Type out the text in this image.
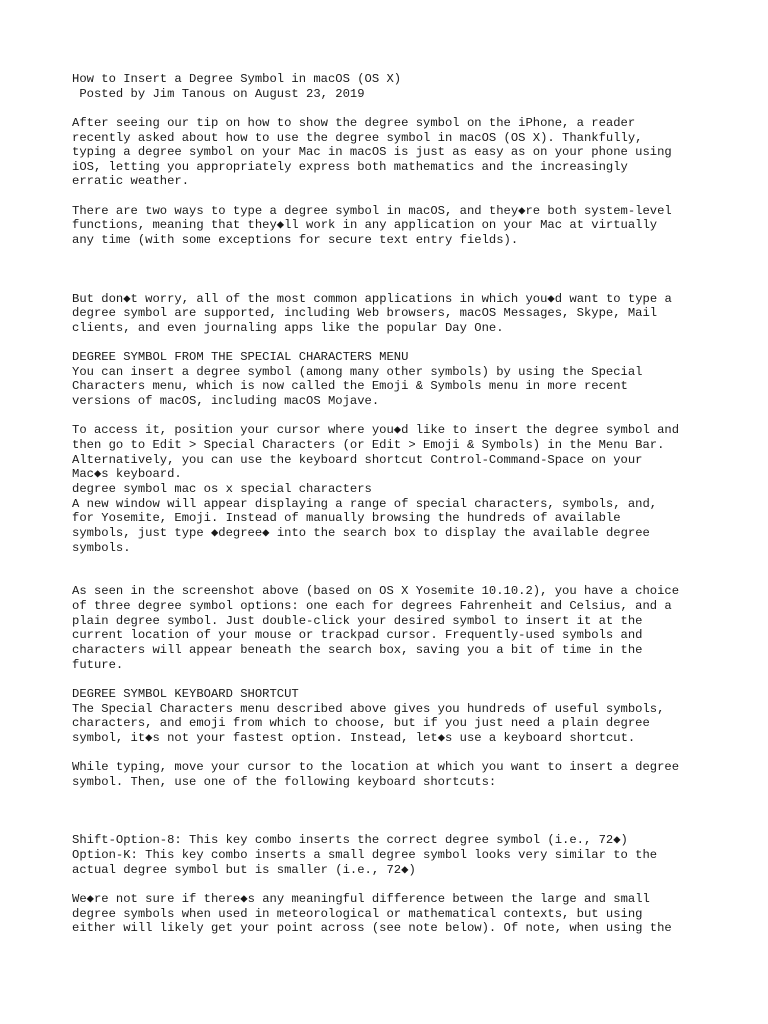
How to Insert a Degree Symbol in macOS (OS X)
Posted by Jim Tanous on August 23, 2019
After seeing our tip on how to show the degree symbol on the iPhone, a reader
recently asked about how to use the degree symbol in macOS (OS X). Thankfully,
typing a degree symbol on your Mac in macOS is just as easy as on your phone using
iOS, letting you appropriately express both mathematics and the increasingly
erratic weather.
There are two ways to type a degree symbol in macOS, and they◆re both system-level
functions, meaning that they◆ll work in any application on your Mac at virtually
any time (with some exceptions for secure text entry fields).
But don◆t worry, all of the most common applications in which you◆d want to type a
degree symbol are supported, including Web browsers, macOS Messages, Skype, Mail
clients, and even journaling apps like the popular Day One.
DEGREE SYMBOL FROM THE SPECIAL CHARACTERS MENU
You can insert a degree symbol (among many other symbols) by using the Special
Characters menu, which is now called the Emoji & Symbols menu in more recent
versions of macOS, including macOS Mojave.
To access it, position your cursor where you◆d like to insert the degree symbol and
then go to Edit > Special Characters (or Edit > Emoji & Symbols) in the Menu Bar.
Alternatively, you can use the keyboard shortcut Control-Command-Space on your
Mac◆s keyboard.
degree symbol mac os x special characters
A new window will appear displaying a range of special characters, symbols, and,
for Yosemite, Emoji. Instead of manually browsing the hundreds of available
symbols, just type ◆degree◆ into the search box to display the available degree
symbols.
As seen in the screenshot above (based on OS X Yosemite 10.10.2), you have a choice
of three degree symbol options: one each for degrees Fahrenheit and Celsius, and a
plain degree symbol. Just double-click your desired symbol to insert it at the
current location of your mouse or trackpad cursor. Frequently-used symbols and
characters will appear beneath the search box, saving you a bit of time in the
future.
DEGREE SYMBOL KEYBOARD SHORTCUT
The Special Characters menu described above gives you hundreds of useful symbols,
characters, and emoji from which to choose, but if you just need a plain degree
symbol, it◆s not your fastest option. Instead, let◆s use a keyboard shortcut.
While typing, move your cursor to the location at which you want to insert a degree
symbol. Then, use one of the following keyboard shortcuts:
Shift-Option-8: This key combo inserts the correct degree symbol (i.e., 72◆)
Option-K: This key combo inserts a small degree symbol looks very similar to the
actual degree symbol but is smaller (i.e., 72◆)
We◆re not sure if there◆s any meaningful difference between the large and small
degree symbols when used in meteorological or mathematical contexts, but using
either will likely get your point across (see note below). Of note, when using the
